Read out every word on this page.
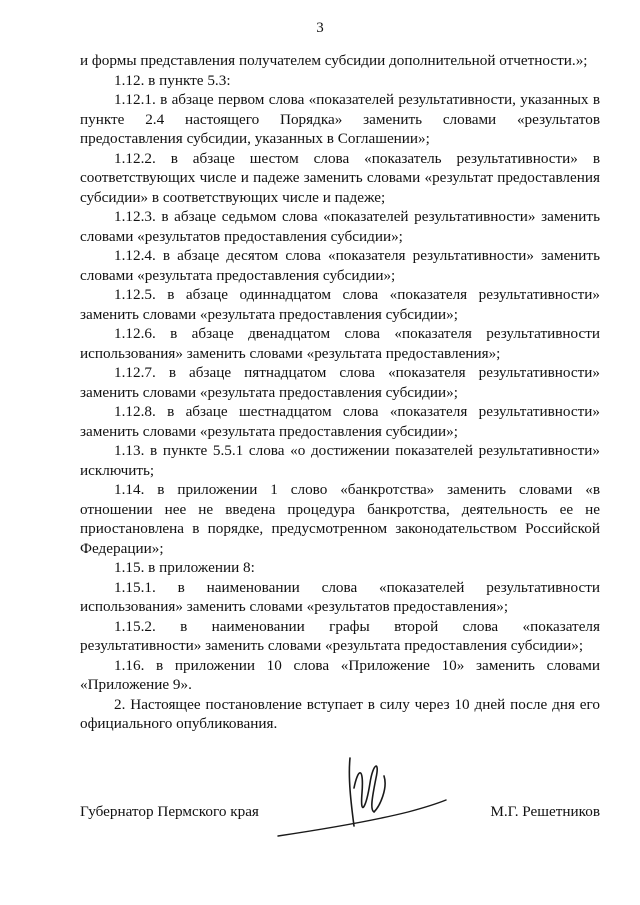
3

и формы представления получателем субсидии дополнительной отчетности.»;

1.12. в пункте 5.3:

1.12.1. в абзаце первом слова «показателей результативности, указанных в пункте 2.4 настоящего Порядка» заменить словами «результатов предоставления субсидии, указанных в Соглашении»;

1.12.2. в абзаце шестом слова «показатель результативности» в соответствующих числе и падеже заменить словами «результат предоставления субсидии» в соответствующих числе и падеже;

1.12.3. в абзаце седьмом слова «показателей результативности» заменить словами «результатов предоставления субсидии»;

1.12.4. в абзаце десятом слова «показателя результативности» заменить словами «результата предоставления субсидии»;

1.12.5. в абзаце одиннадцатом слова «показателя результативности» заменить словами «результата предоставления субсидии»;

1.12.6. в абзаце двенадцатом слова «показателя результативности использования» заменить словами «результата предоставления»;

1.12.7. в абзаце пятнадцатом слова «показателя результативности» заменить словами «результата предоставления субсидии»;

1.12.8. в абзаце шестнадцатом слова «показателя результативности» заменить словами «результата предоставления субсидии»;

1.13. в пункте 5.5.1 слова «о достижении показателей результативности» исключить;

1.14. в приложении 1 слово «банкротства» заменить словами «в отношении нее не введена процедура банкротства, деятельность ее не приостановлена в порядке, предусмотренном законодательством Российской Федерации»;

1.15. в приложении 8:

1.15.1. в наименовании слова «показателей результативности использования» заменить словами «результатов предоставления»;

1.15.2. в наименовании графы второй слова «показателя результативности» заменить словами «результата предоставления субсидии»;

1.16. в приложении 10 слова «Приложение 10» заменить словами «Приложение 9».

2. Настоящее постановление вступает в силу через 10 дней после дня его официального опубликования.

Губернатор Пермского края	М.Г. Решетников
